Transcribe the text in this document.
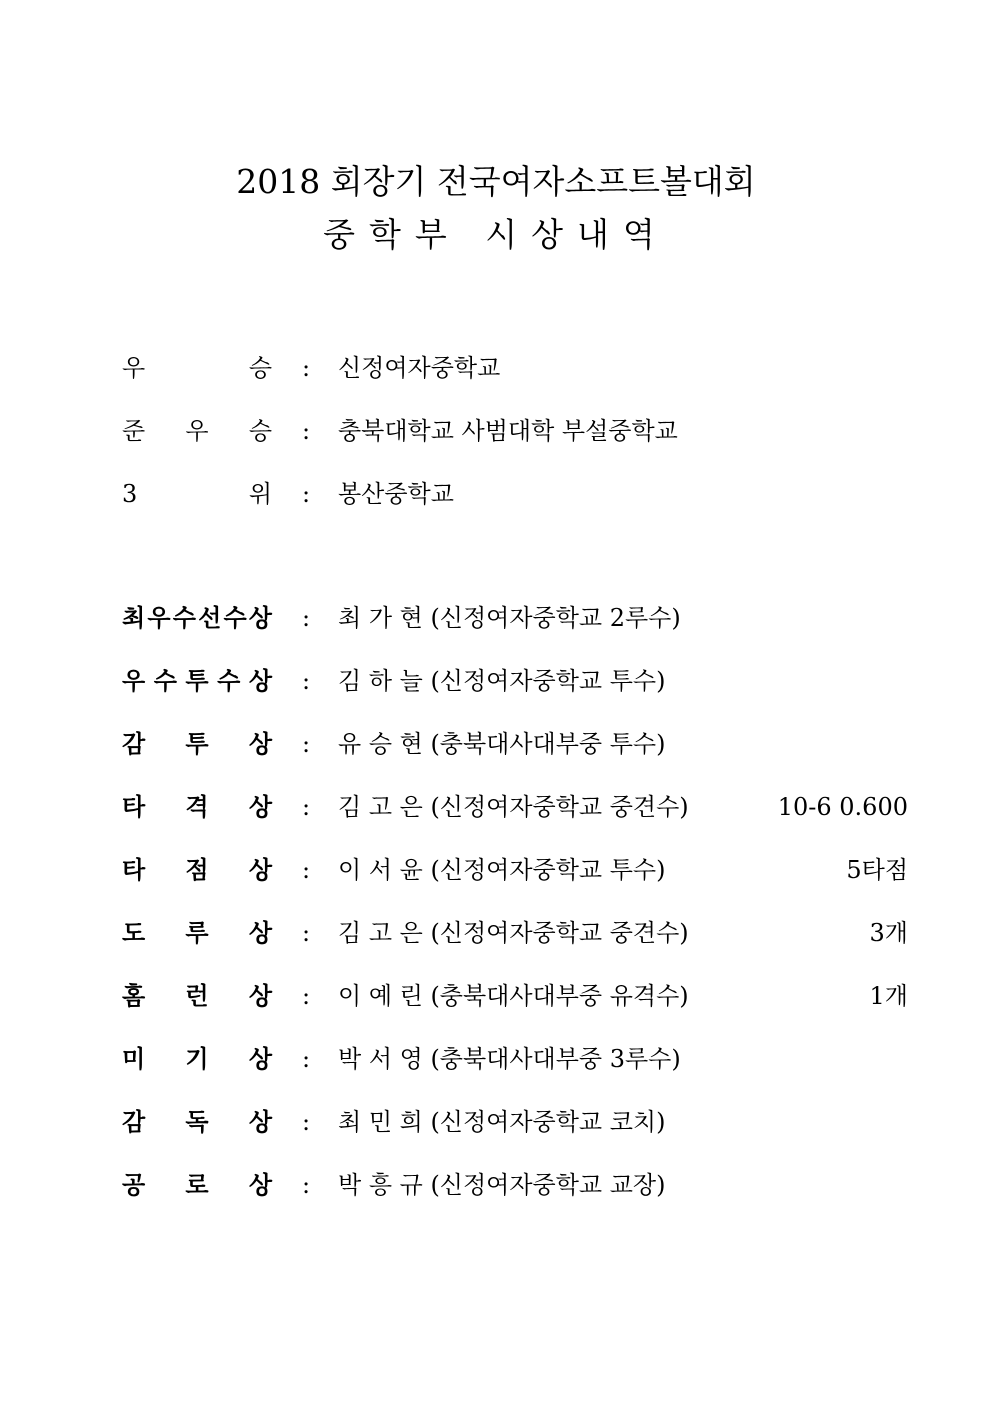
2018 회장기 전국여자소프트볼대회
중학부 시상내역
우	승 : 신정여자중학교
준 우 승 : 충북대학교 사범대학 부설중학교
3	위 : 봉산중학교
최 우 수 선 수 상 : 최 가 현 (신정여자중학교 2루수)
우 수 투 수 상 : 김 하 늘 (신정여자중학교 투수)
감 투 상 : 유 승 현 (충북대사대부중 투수)
타 격 상 : 김 고 은 (신정여자중학교 중견수)	10-6 0.600
타 점 상 : 이 서 윤 (신정여자중학교 투수)	5타점
도 루 상 : 김 고 은 (신정여자중학교 중견수)	3개
홈 런 상 : 이 예 린 (충북대사대부중 유격수)	1개
미 기 상 : 박 서 영 (충북대사대부중 3루수)
감 독 상 : 최 민 희 (신정여자중학교 코치)
공 로 상 : 박 흥 규 (신정여자중학교 교장)
